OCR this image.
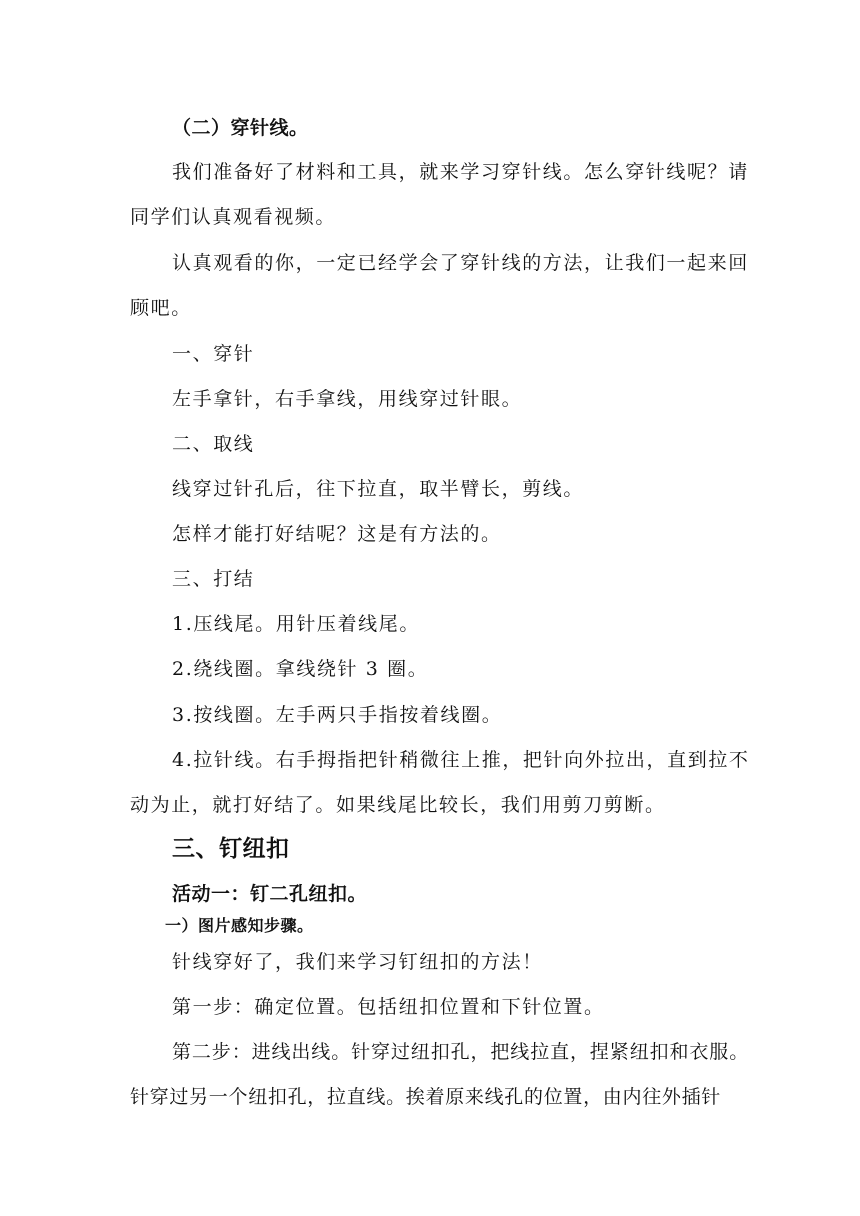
（二）穿针线。
我们准备好了材料和工具，就来学习穿针线。怎么穿针线呢？请
同学们认真观看视频。
认真观看的你，一定已经学会了穿针线的方法，让我们一起来回
顾吧。
一、穿针
左手拿针，右手拿线，用线穿过针眼。
二、取线
线穿过针孔后，往下拉直，取半臂长，剪线。
怎样才能打好结呢？这是有方法的。
三、打结
1.压线尾。用针压着线尾。
2.绕线圈。拿线绕针 3 圈。
3.按线圈。左手两只手指按着线圈。
4.拉针线。右手拇指把针稍微往上推，把针向外拉出，直到拉不
动为止，就打好结了。如果线尾比较长，我们用剪刀剪断。
三、钉纽扣
活动一：钉二孔纽扣。
一）图片感知步骤。
针线穿好了，我们来学习钉纽扣的方法！
第一步：确定位置。包括纽扣位置和下针位置。
第二步：进线出线。针穿过纽扣孔，把线拉直，捏紧纽扣和衣服。
针穿过另一个纽扣孔，拉直线。挨着原来线孔的位置，由内往外插针
